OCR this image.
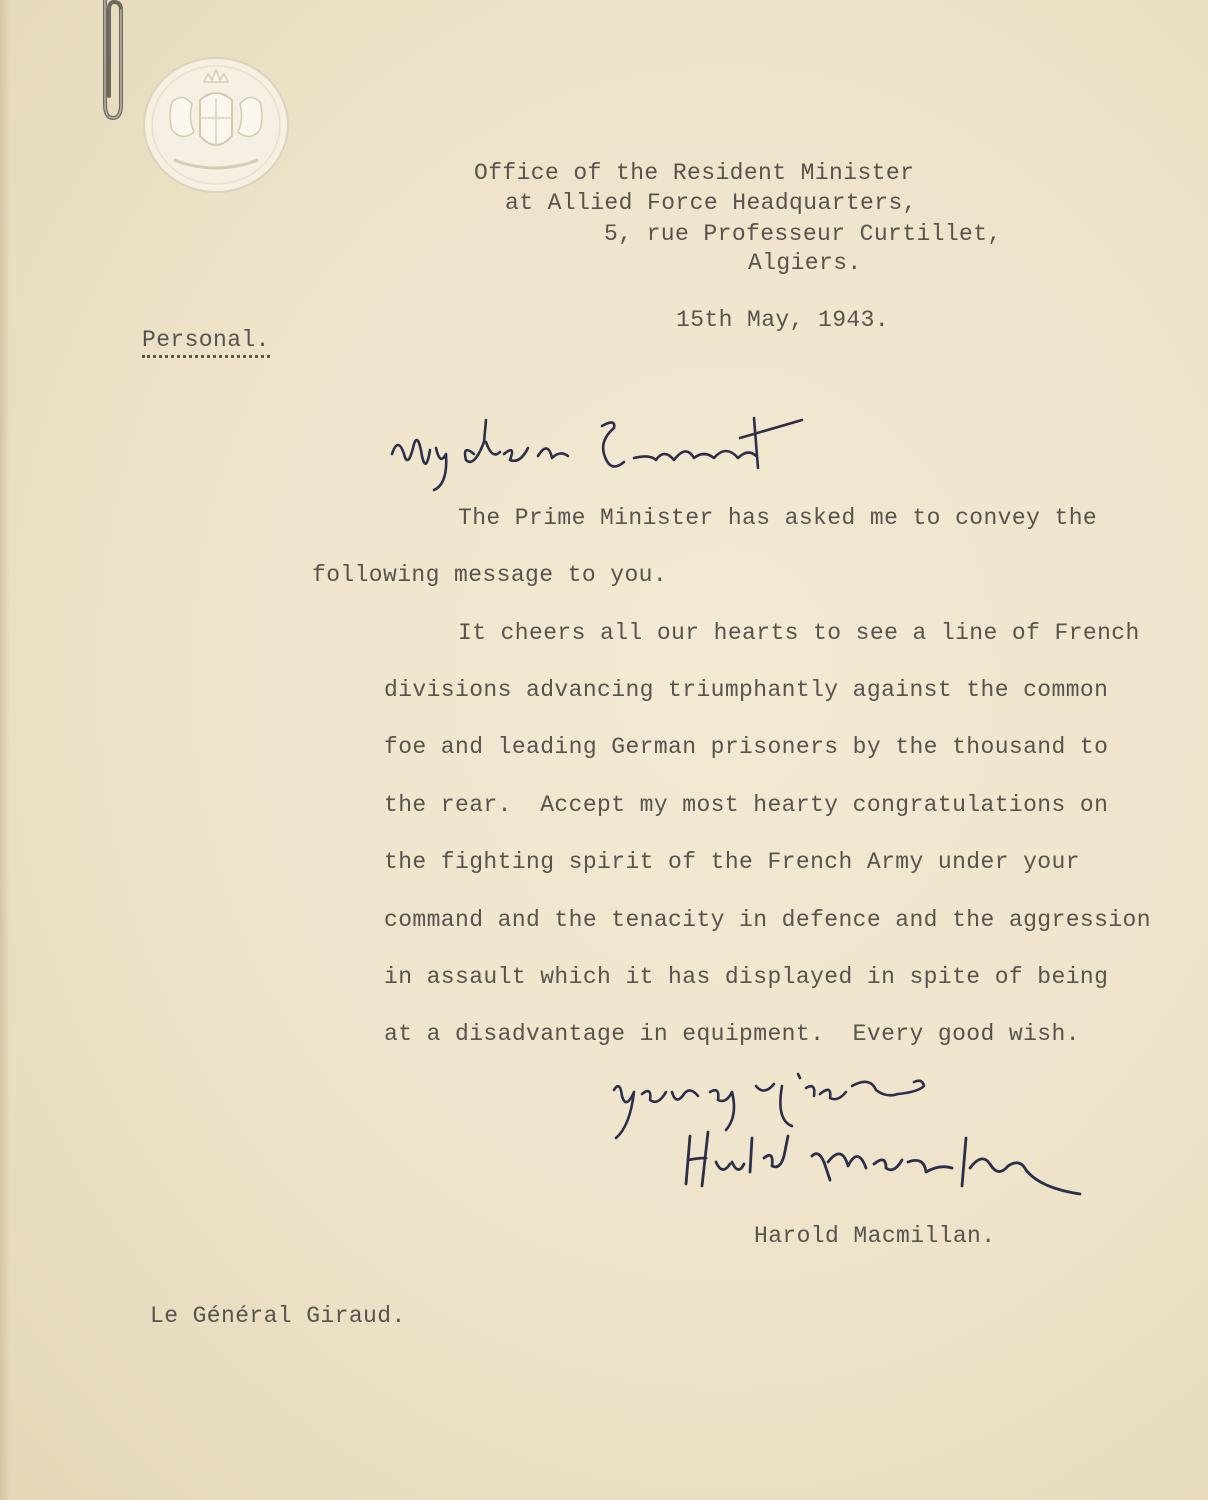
Office of the Resident Minister
at Allied Force Headquarters,
5, rue Professeur Curtillet,
Algiers.
15th May, 1943.
Personal.
The Prime Minister has asked me to convey the
following message to you.
It cheers all our hearts to see a line of French
divisions advancing triumphantly against the common
foe and leading German prisoners by the thousand to
the rear.  Accept my most hearty congratulations on
the fighting spirit of the French Army under your
command and the tenacity in defence and the aggression
in assault which it has displayed in spite of being
at a disadvantage in equipment.  Every good wish.
Harold Macmillan.
Le Général Giraud.
